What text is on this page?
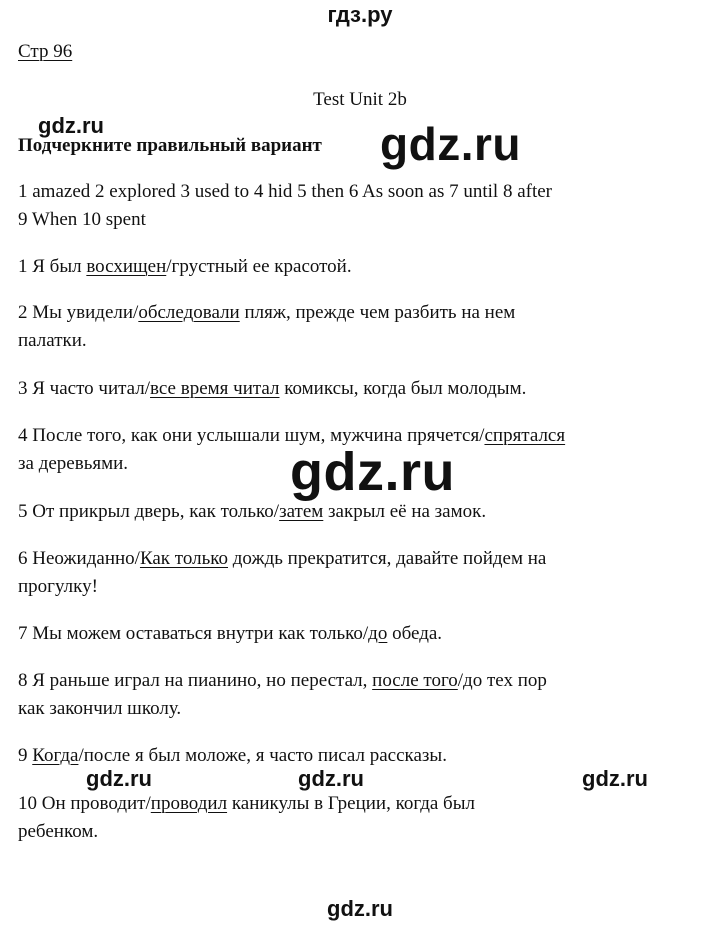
гдз.ру
Стр 96
Test Unit 2b
gdz.ru
Подчеркните правильный вариант gdz.ru
1 amazed 2 explored 3 used to 4 hid 5 then 6 As soon as 7 until 8 after
9 When 10 spent
1 Я был восхищен/грустный ее красотой.
2 Мы увидели/обследовали пляж, прежде чем разбить на нем
палатки.
3 Я часто читал/все время читал комиксы, когда был молодым.
4 После того, как они услышали шум, мужчина прячется/спрятался
за деревьями.	gdz.ru
5 От прикрыл дверь, как только/затем закрыл её на замок.
6 Неожиданно/Как только дождь прекратится, давайте пойдем на
прогулку!
7 Мы можем оставаться внутри как только/до обеда.
8 Я раньше играл на пианино, но перестал, после того/до тех пор
как закончил школу.
9 Когда/после я был моложе, я часто писал рассказы.
gdz.ru	gdz.ru	gdz.ru
10 Он проводит/проводил каникулы в Греции, когда был
ребенком.
gdz.ru
